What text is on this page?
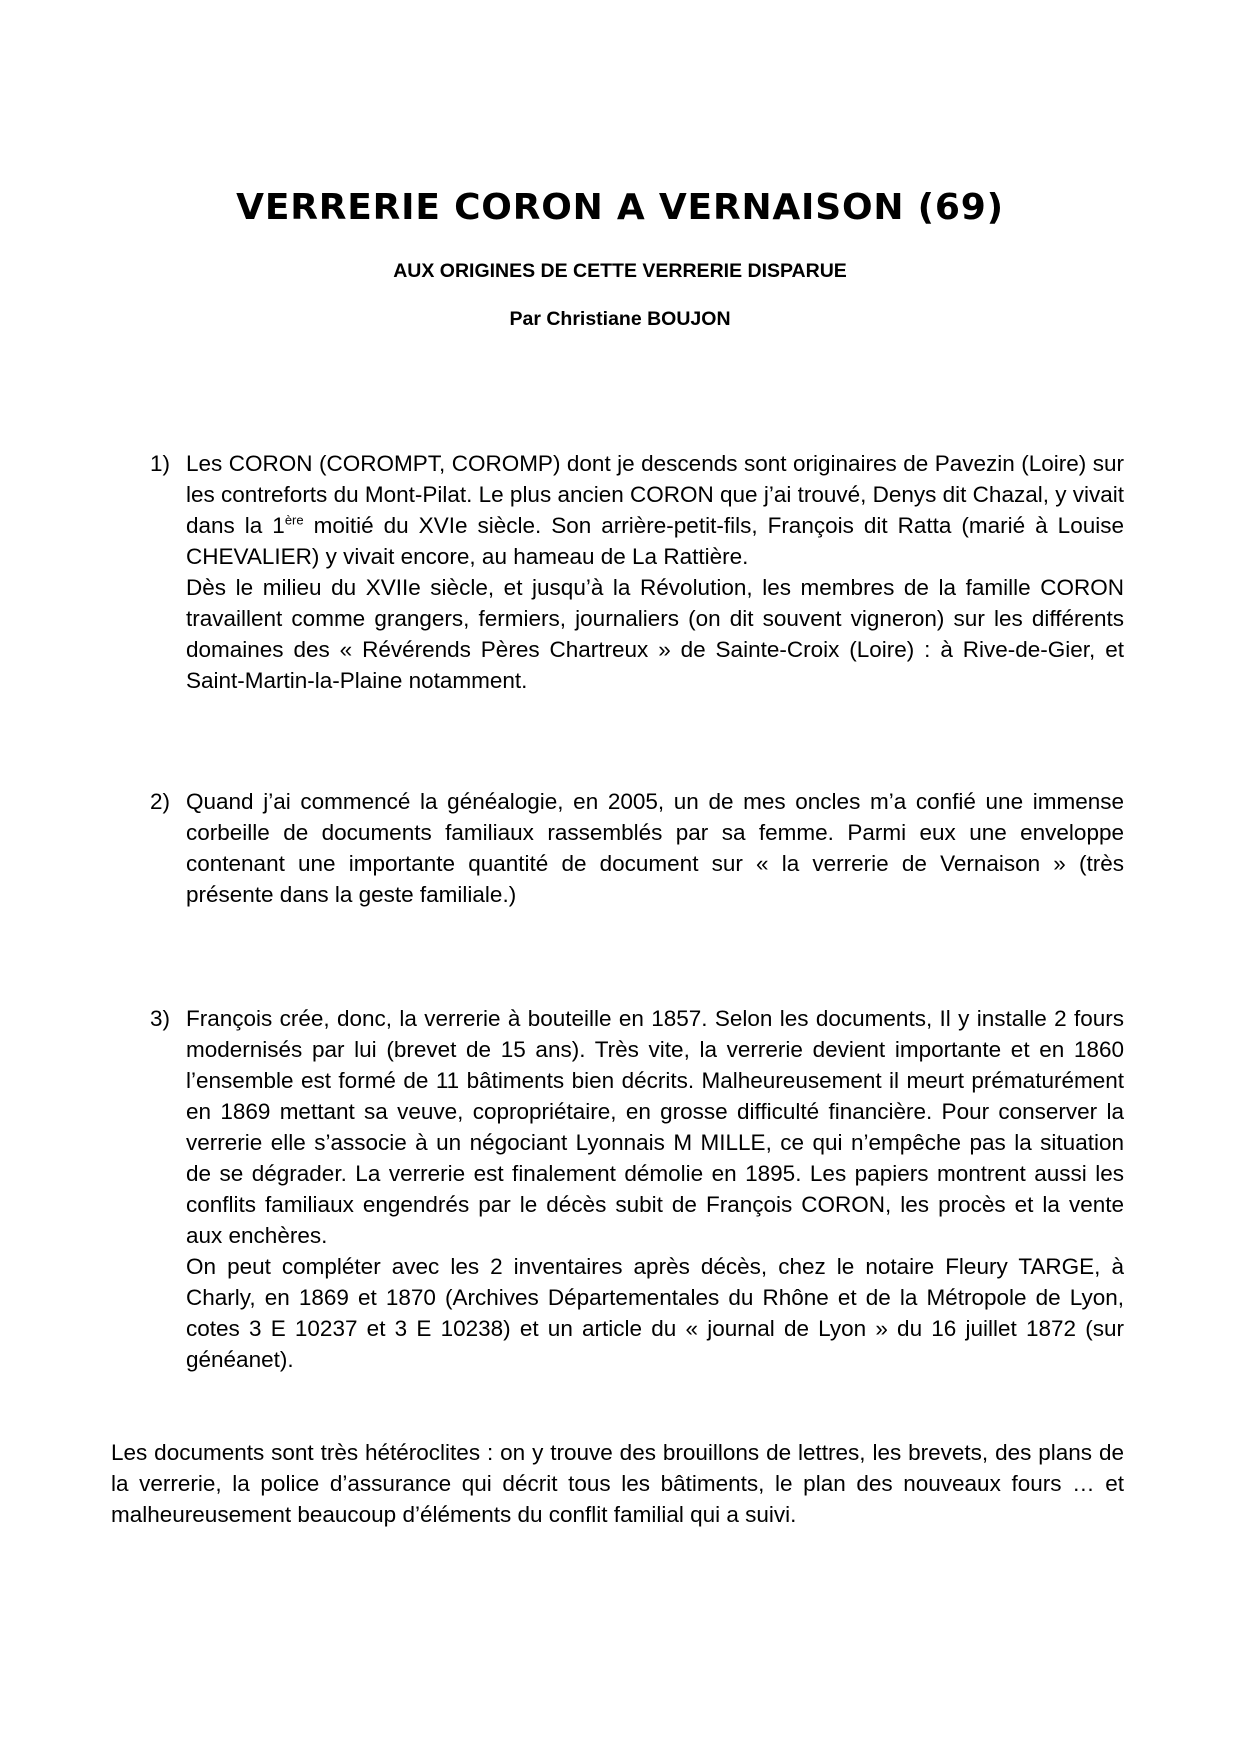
VERRERIE CORON A VERNAISON (69)
AUX ORIGINES DE CETTE VERRERIE DISPARUE
Par Christiane BOUJON
1) Les CORON (COROMPT, COROMP) dont je descends sont originaires de Pavezin (Loire) sur les contreforts du Mont-Pilat. Le plus ancien CORON que j’ai trouvé, Denys dit Chazal, y vivait dans la 1ère moitié du XVIe siècle. Son arrière-petit-fils, François dit Ratta (marié à Louise CHEVALIER) y vivait encore, au hameau de La Rattière.

Dès le milieu du XVIIe siècle, et jusqu’à la Révolution, les membres de la famille CORON travaillent comme grangers, fermiers, journaliers (on dit souvent vigneron) sur les différents domaines des « Révérends Pères Chartreux » de Sainte-Croix (Loire) : à Rive-de-Gier, et Saint-Martin-la-Plaine notamment.

2) Quand j’ai commencé la généalogie, en 2005, un de mes oncles m’a confié une immense corbeille de documents familiaux rassemblés par sa femme. Parmi eux une enveloppe contenant une importante quantité de document sur « la verrerie de Vernaison » (très présente dans la geste familiale.)

3) François crée, donc, la verrerie à bouteille en 1857. Selon les documents, Il y installe 2 fours modernisés par lui (brevet de 15 ans). Très vite, la verrerie devient importante et en 1860 l’ensemble est formé de 11 bâtiments bien décrits. Malheureusement il meurt prématurément en 1869 mettant sa veuve, copropriétaire, en grosse difficulté financière. Pour conserver la verrerie elle s’associe à un négociant Lyonnais M MILLE, ce qui n’empêche pas la situation de se dégrader. La verrerie est finalement démolie en 1895. Les papiers montrent aussi les conflits familiaux engendrés par le décès subit de François CORON, les procès et la vente aux enchères.

On peut compléter avec les 2 inventaires après décès, chez le notaire Fleury TARGE, à Charly, en 1869 et 1870 (Archives Départementales du Rhône et de la Métropole de Lyon, cotes 3 E 10237 et 3 E 10238) et un article du « journal de Lyon » du 16 juillet 1872 (sur généanet).

Les documents sont très hétéroclites : on y trouve des brouillons de lettres, les brevets, des plans de la verrerie, la police d’assurance qui décrit tous les bâtiments, le plan des nouveaux fours … et malheureusement beaucoup d’éléments du conflit familial qui a suivi.
